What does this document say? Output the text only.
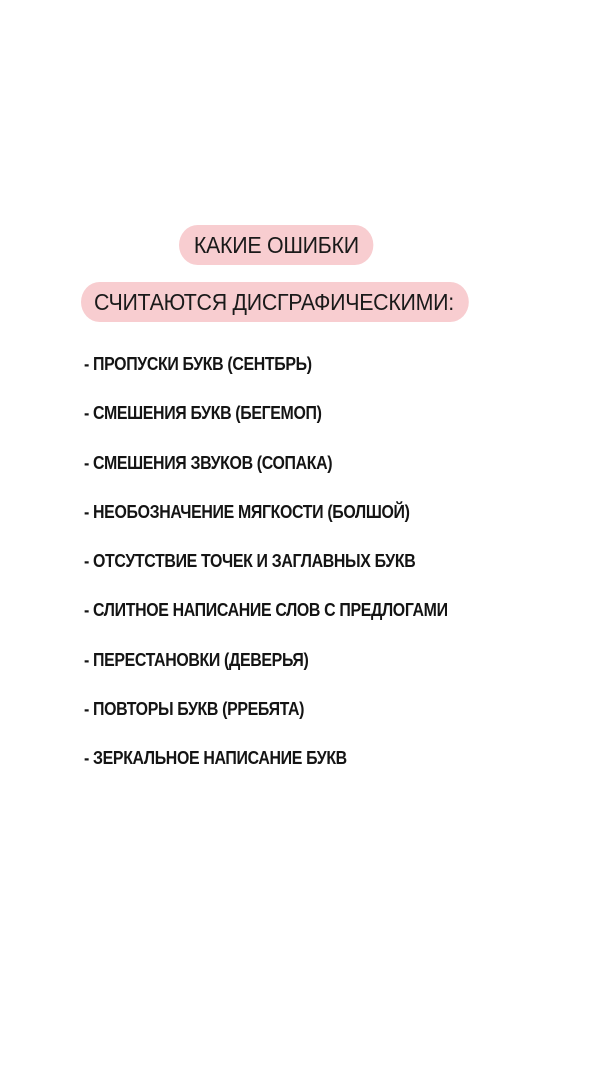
КАКИЕ ОШИБКИ
СЧИТАЮТСЯ ДИСГРАФИЧЕСКИМИ:
- ПРОПУСКИ БУКВ (СЕНТБРЬ)
- СМЕШЕНИЯ БУКВ (БЕГЕМОП)
- СМЕШЕНИЯ ЗВУКОВ (СОПАКА)
- НЕОБОЗНАЧЕНИЕ МЯГКОСТИ (БОЛШОЙ)
- ОТСУТСТВИЕ ТОЧЕК И ЗАГЛАВНЫХ БУКВ
- СЛИТНОЕ НАПИСАНИЕ СЛОВ С ПРЕДЛОГАМИ
- ПЕРЕСТАНОВКИ (ДЕВЕРЬЯ)
- ПОВТОРЫ БУКВ (РРЕБЯТА)
- ЗЕРКАЛЬНОЕ НАПИСАНИЕ БУКВ
